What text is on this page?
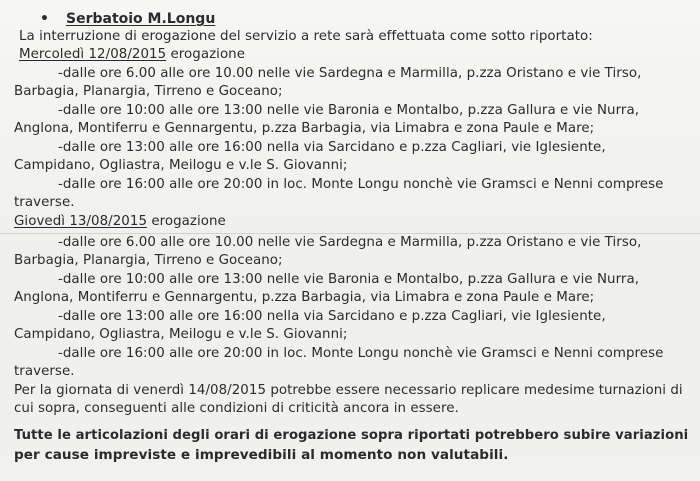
• Serbatoio M.Longu
La interruzione di erogazione del servizio a rete sarà effettuata come sotto riportato:
Mercoledì 12/08/2015 erogazione
-dalle ore 6.00 alle ore 10.00 nelle vie Sardegna e Marmilla, p.zza Oristano e vie Tirso,
Barbagia, Planargia, Tirreno e Goceano;
-dalle ore 10:00 alle ore 13:00 nelle vie Baronia e Montalbo, p.zza Gallura e vie Nurra,
Anglona, Montiferru e Gennargentu, p.zza Barbagia, via Limabra e zona Paule e Mare;
-dalle ore 13:00 alle ore 16:00 nella via Sarcidano e p.zza Cagliari, vie Iglesiente,
Campidano, Ogliastra, Meilogu e v.le S. Giovanni;
-dalle ore 16:00 alle ore 20:00 in loc. Monte Longu nonchè vie Gramsci e Nenni comprese
traverse.
Giovedì 13/08/2015 erogazione
-dalle ore 6.00 alle ore 10.00 nelle vie Sardegna e Marmilla, p.zza Oristano e vie Tirso,
Barbagia, Planargia, Tirreno e Goceano;
-dalle ore 10:00 alle ore 13:00 nelle vie Baronia e Montalbo, p.zza Gallura e vie Nurra,
Anglona, Montiferru e Gennargentu, p.zza Barbagia, via Limabra e zona Paule e Mare;
-dalle ore 13:00 alle ore 16:00 nella via Sarcidano e p.zza Cagliari, vie Iglesiente,
Campidano, Ogliastra, Meilogu e v.le S. Giovanni;
-dalle ore 16:00 alle ore 20:00 in loc. Monte Longu nonchè vie Gramsci e Nenni comprese
traverse.
Per la giornata di venerdì 14/08/2015 potrebbe essere necessario replicare medesime turnazioni di
cui sopra, conseguenti alle condizioni di criticità ancora in essere.
Tutte le articolazioni degli orari di erogazione sopra riportati potrebbero subire variazioni
per cause impreviste e imprevedibili al momento non valutabili.
